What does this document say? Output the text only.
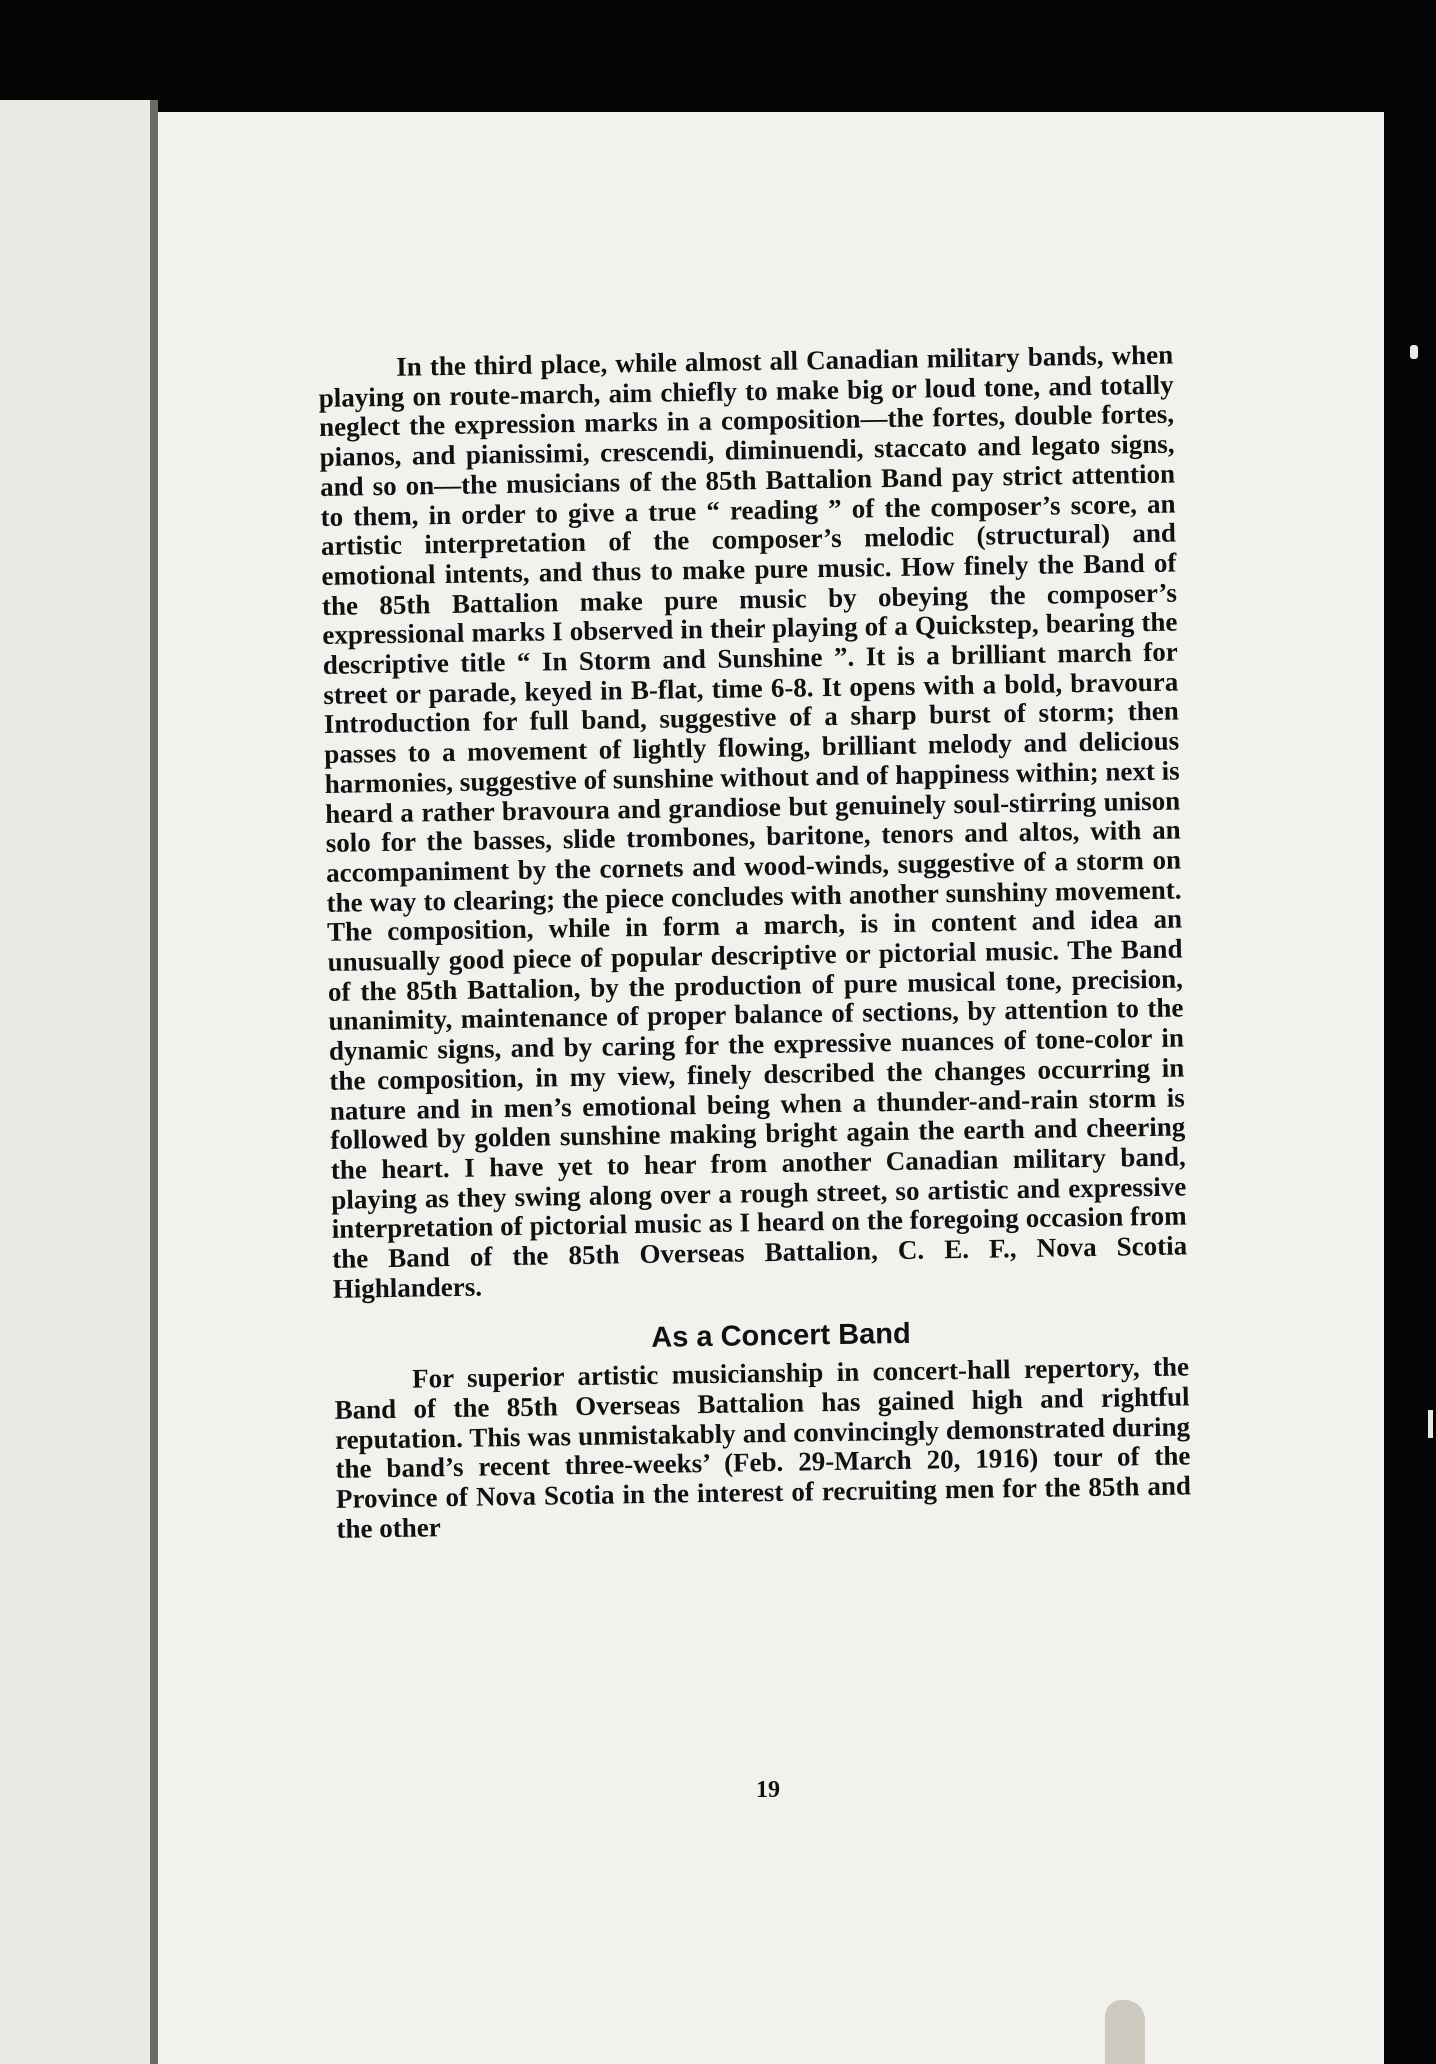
In the third place, while almost all Canadian military bands, when playing on route-march, aim chiefly to make big or loud tone, and totally neglect the expression marks in a composition—the fortes, double fortes, pianos, and pianissimi, crescendi, diminuendi, staccato and legato signs, and so on—the musicians of the 85th Battalion Band pay strict attention to them, in order to give a true “ reading ” of the composer’s score, an artistic interpretation of the composer’s melodic (structural) and emotional intents, and thus to make pure music. How finely the Band of the 85th Battalion make pure music by obeying the composer’s expressional marks I observed in their playing of a Quickstep, bearing the descriptive title “ In Storm and Sunshine ”. It is a brilliant march for street or parade, keyed in B-flat, time 6-8. It opens with a bold, bravoura Introduction for full band, suggestive of a sharp burst of storm; then passes to a movement of lightly flowing, brilliant melody and delicious harmonies, suggestive of sunshine without and of happiness within; next is heard a rather bravoura and grandiose but genuinely soul-stirring unison solo for the basses, slide trombones, baritone, tenors and altos, with an accompaniment by the cornets and wood-winds, suggestive of a storm on the way to clearing; the piece concludes with another sunshiny movement. The composition, while in form a march, is in content and idea an unusually good piece of popular descriptive or pictorial music. The Band of the 85th Battalion, by the production of pure musical tone, precision, unanimity, maintenance of proper balance of sections, by attention to the dynamic signs, and by caring for the expressive nuances of tone-color in the composition, in my view, finely described the changes occurring in nature and in men’s emotional being when a thunder-and-rain storm is followed by golden sunshine making bright again the earth and cheering the heart. I have yet to hear from another Canadian military band, playing as they swing along over a rough street, so artistic and expressive interpretation of pictorial music as I heard on the foregoing occasion from the Band of the 85th Overseas Battalion, C. E. F., Nova Scotia Highlanders.

As a Concert Band

For superior artistic musicianship in concert-hall repertory, the Band of the 85th Overseas Battalion has gained high and rightful reputation. This was unmistakably and convincingly demonstrated during the band’s recent three-weeks’ (Feb. 29-March 20, 1916) tour of the Province of Nova Scotia in the interest of recruiting men for the 85th and the other

19
